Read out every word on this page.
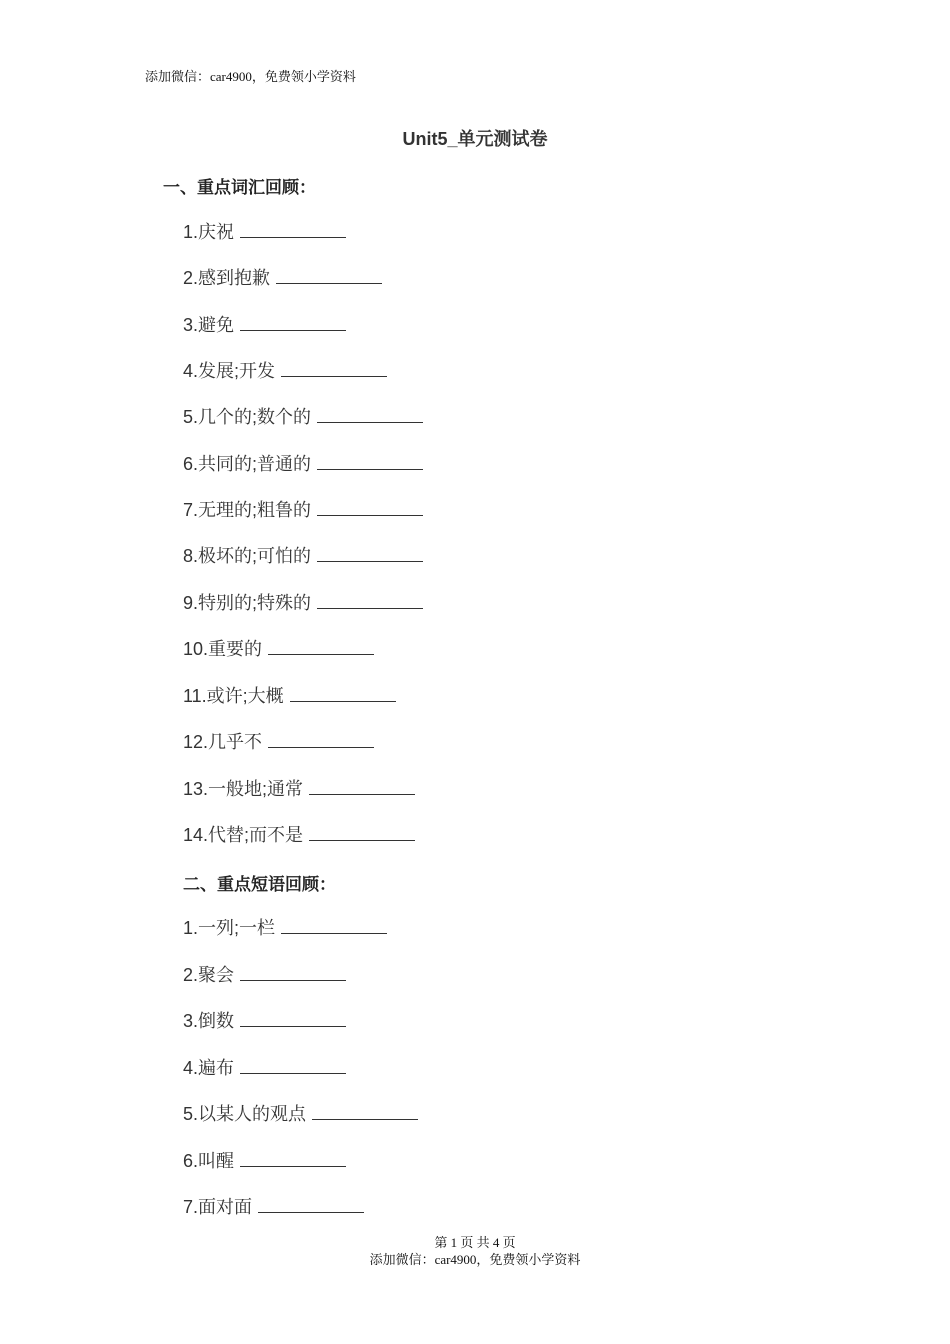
添加微信：car4900，免费领小学资料
Unit5_单元测试卷
一、重点词汇回顾：
1.庆祝
2.感到抱歉
3.避免
4.发展;开发
5.几个的;数个的
6.共同的;普通的
7.无理的;粗鲁的
8.极坏的;可怕的
9.特别的;特殊的
10.重要的
11.或许;大概
12.几乎不
13.一般地;通常
14.代替;而不是
二、重点短语回顾：
1.一列;一栏
2.聚会
3.倒数
4.遍布
5.以某人的观点
6.叫醒
7.面对面
第 1 页 共 4 页
添加微信：car4900，免费领小学资料
